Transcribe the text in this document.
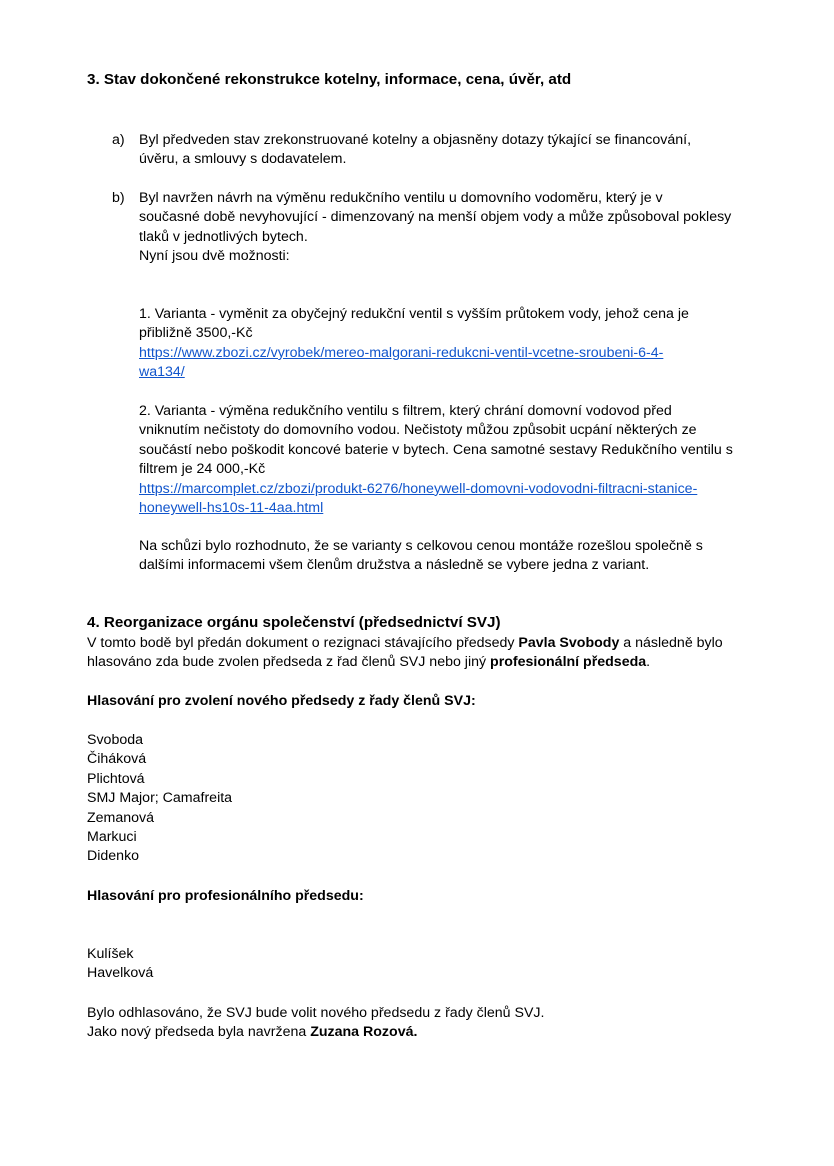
3. Stav dokončené rekonstrukce kotelny, informace, cena, úvěr, atd
a) Byl předveden stav zrekonstruované kotelny a objasněny dotazy týkající se financování,
úvěru, a smlouvy s dodavatelem.
b) Byl navržen návrh na výměnu redukčního ventilu u domovního vodoměru, který je v
současné době nevyhovující - dimenzovaný na menší objem vody a může způsoboval poklesy
tlaků v jednotlivých bytech.
Nyní jsou dvě možnosti:
1. Varianta - vyměnit za obyčejný redukční ventil s vyšším průtokem vody, jehož cena je
přibližně 3500,-Kč
https://www.zbozi.cz/vyrobek/mereo-malgorani-redukcni-ventil-vcetne-sroubeni-6-4-
wa134/
2. Varianta - výměna redukčního ventilu s filtrem, který chrání domovní vodovod před
vniknutím nečistoty do domovního vodou. Nečistoty můžou způsobit ucpání některých ze
součástí nebo poškodit koncové baterie v bytech. Cena samotné sestavy Redukčního ventilu s
filtrem je 24 000,-Kč
https://marcomplet.cz/zbozi/produkt-6276/honeywell-domovni-vodovodni-filtracni-stanice-
honeywell-hs10s-11-4aa.html
Na schůzi bylo rozhodnuto, že se varianty s celkovou cenou montáže rozešlou společně s
dalšími informacemi všem členům družstva a následně se vybere jedna z variant.
4. Reorganizace orgánu společenství (předsednictví SVJ)
V tomto bodě byl předán dokument o rezignaci stávajícího předsedy Pavla Svobody a následně bylo
hlasováno zda bude zvolen předseda z řad členů SVJ nebo jiný profesionální předseda.
Hlasování pro zvolení nového předsedy z řady členů SVJ:
Svoboda
Čiháková
Plichtová
SMJ Major; Camafreita
Zemanová
Markuci
Didenko
Hlasování pro profesionálního předsedu:
Kulíšek
Havelková
Bylo odhlasováno, že SVJ bude volit nového předsedu z řady členů SVJ.
Jako nový předseda byla navržena Zuzana Rozová.
